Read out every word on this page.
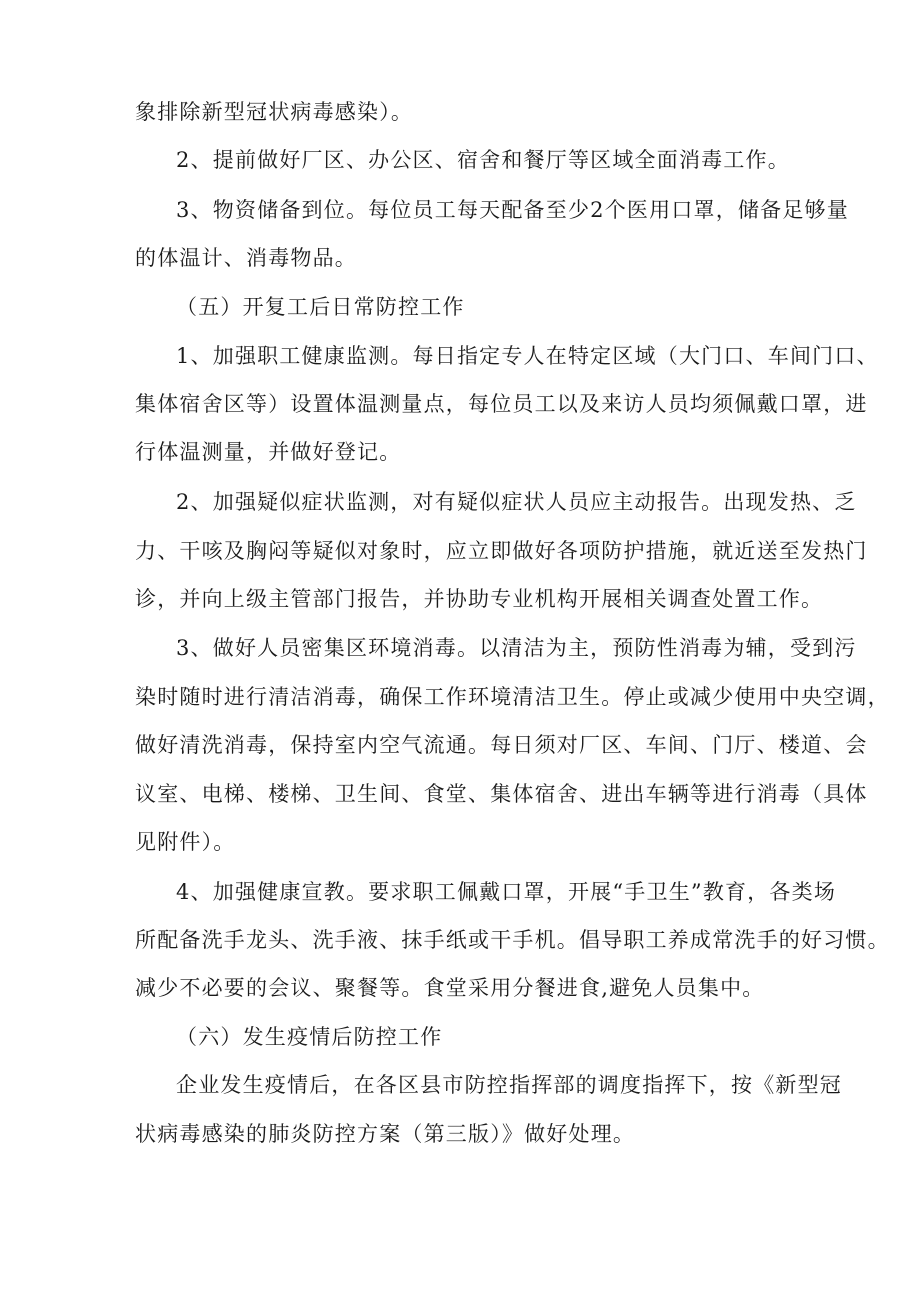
象排除新型冠状病毒感染）。
2、提前做好厂区、办公区、宿舍和餐厅等区域全面消毒工作。
3、物资储备到位。每位员工每天配备至少2个医用口罩，储备足够量
的体温计、消毒物品。
（五）开复工后日常防控工作
1、加强职工健康监测。每日指定专人在特定区域（大门口、车间门口、
集体宿舍区等）设置体温测量点，每位员工以及来访人员均须佩戴口罩，进
行体温测量，并做好登记。
2、加强疑似症状监测，对有疑似症状人员应主动报告。出现发热、乏
力、干咳及胸闷等疑似对象时，应立即做好各项防护措施，就近送至发热门
诊，并向上级主管部门报告，并协助专业机构开展相关调查处置工作。
3、做好人员密集区环境消毒。以清洁为主，预防性消毒为辅，受到污
染时随时进行清洁消毒，确保工作环境清洁卫生。停止或减少使用中央空调，
做好清洗消毒，保持室内空气流通。每日须对厂区、车间、门厅、楼道、会
议室、电梯、楼梯、卫生间、食堂、集体宿舍、进出车辆等进行消毒（具体
见附件）。
4、加强健康宣教。要求职工佩戴口罩，开展“手卫生”教育，各类场
所配备洗手龙头、洗手液、抹手纸或干手机。倡导职工养成常洗手的好习惯。
减少不必要的会议、聚餐等。食堂采用分餐进食,避免人员集中。
（六）发生疫情后防控工作
企业发生疫情后，在各区县市防控指挥部的调度指挥下，按《新型冠
状病毒感染的肺炎防控方案（第三版）》做好处理。
